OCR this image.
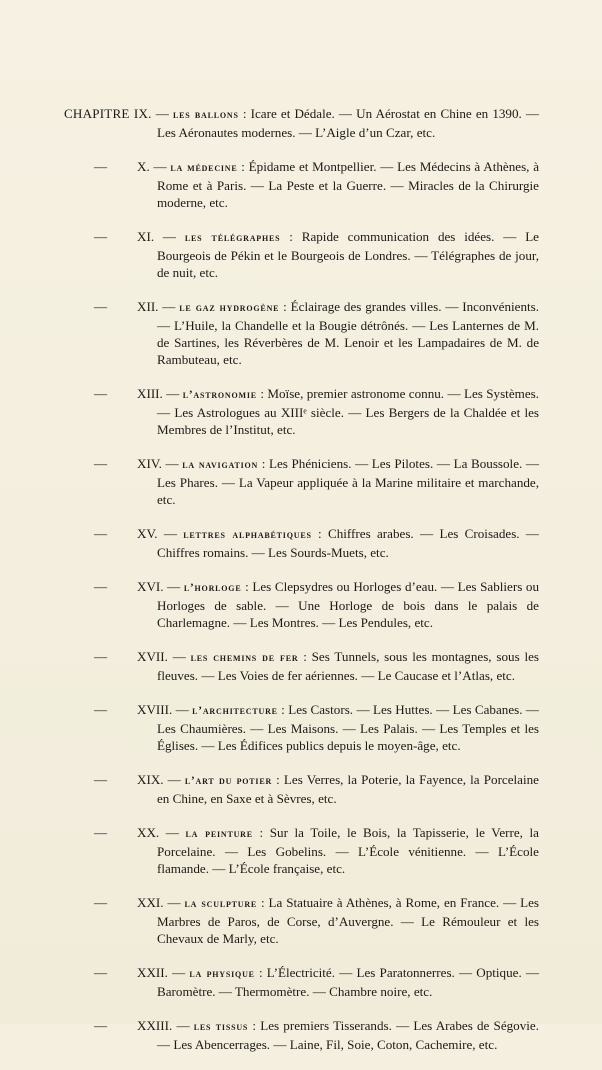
CHAPITRE IX. — les ballons : Icare et Dédale. — Un Aérostat en Chine en 1390. — Les Aéronautes modernes. — L’Aigle d’un Czar, etc.

— X. — la médecine : Épidame et Montpellier. — Les Médecins à Athènes, à Rome et à Paris. — La Peste et la Guerre. — Miracles de la Chirurgie moderne, etc.

— XI. — les télégraphes : Rapide communication des idées. — Le Bourgeois de Pékin et le Bourgeois de Londres. — Télégraphes de jour, de nuit, etc.

— XII. — le gaz hydrogène : Éclairage des grandes villes. — Inconvénients. — L’Huile, la Chandelle et la Bougie détrônés. — Les Lanternes de M. de Sartines, les Réverbères de M. Lenoir et les Lampadaires de M. de Rambuteau, etc.

— XIII. — l’astronomie : Moïse, premier astronome connu. — Les Systèmes. — Les Astrologues au XIIIᵉ siècle. — Les Bergers de la Chaldée et les Membres de l’Institut, etc.

— XIV. — la navigation : Les Phéniciens. — Les Pilotes. — La Boussole. — Les Phares. — La Vapeur appliquée à la Marine militaire et marchande, etc.

— XV. — lettres alphabétiques : Chiffres arabes. — Les Croisades. — Chiffres romains. — Les Sourds-Muets, etc.

— XVI. — l’horloge : Les Clepsydres ou Horloges d’eau. — Les Sabliers ou Horloges de sable. — Une Horloge de bois dans le palais de Charlemagne. — Les Montres. — Les Pendules, etc.

— XVII. — les chemins de fer : Ses Tunnels, sous les montagnes, sous les fleuves. — Les Voies de fer aériennes. — Le Caucase et l’Atlas, etc.

— XVIII. — l’architecture : Les Castors. — Les Huttes. — Les Cabanes. — Les Chaumières. — Les Maisons. — Les Palais. — Les Temples et les Églises. — Les Édifices publics depuis le moyen-âge, etc.

— XIX. — l’art du potier : Les Verres, la Poterie, la Fayence, la Porcelaine en Chine, en Saxe et à Sèvres, etc.

— XX. — la peinture : Sur la Toile, le Bois, la Tapisserie, le Verre, la Porcelaine. — Les Gobelins. — L’École vénitienne. — L’École flamande. — L’École française, etc.

— XXI. — la sculpture : La Statuaire à Athènes, à Rome, en France. — Les Marbres de Paros, de Corse, d’Auvergne. — Le Rémouleur et les Chevaux de Marly, etc.

— XXII. — la physique : L’Électricité. — Les Paratonnerres. — Optique. — Baromètre. — Thermomètre. — Chambre noire, etc.

— XXIII. — les tissus : Les premiers Tisserands. — Les Arabes de Ségovie. — Les Abencerrages. — Laine, Fil, Soie, Coton, Cachemire, etc.
